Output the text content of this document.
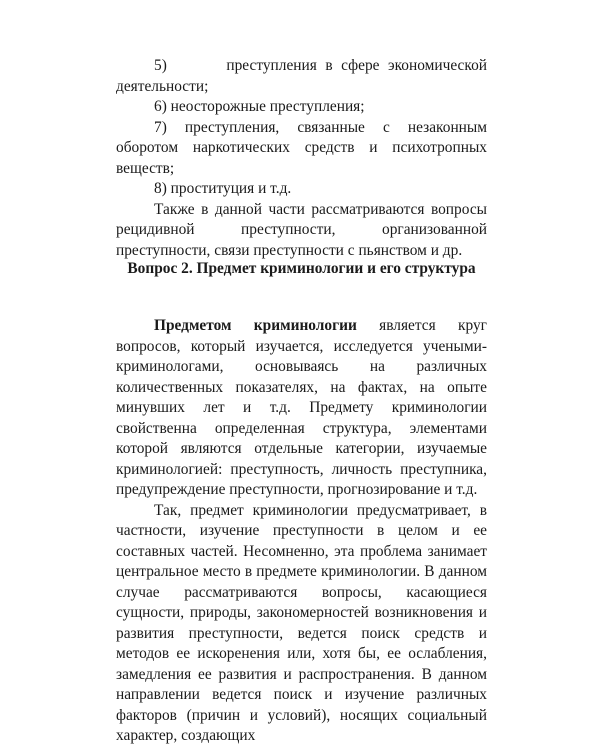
5)       преступления в сфере экономической деятельности;

6) неосторожные преступления;

7) преступления, связанные с незаконным оборотом наркотических средств и психотропных веществ;

8) проституция и т.д.

Также в данной части рассматриваются вопросы рецидивной преступности, организованной преступности, связи преступности с пьянством и др.

Вопрос 2. Предмет криминологии и его структура

Предметом криминологии является круг вопросов, который изучается, исследуется учеными-криминологами, основываясь на различных количественных показателях, на фактах, на опыте минувших лет и т.д. Предмету криминологии свойственна определенная структура, элементами которой являются отдельные категории, изучаемые криминологией: преступность, личность преступника, предупреждение преступности, прогнозирование и т.д.

Так, предмет криминологии предусматривает, в частности, изучение преступности в целом и ее составных частей. Несомненно, эта проблема занимает центральное место в предмете криминологии. В данном случае рассматриваются вопросы, касающиеся сущности, природы, закономерностей возникновения и развития преступности, ведется поиск средств и методов ее искоренения или, хотя бы, ее ослабления, замедления ее развития и распространения. В данном направлении ведется поиск и изучение различных факторов (причин и условий), носящих социальный характер, создающих
